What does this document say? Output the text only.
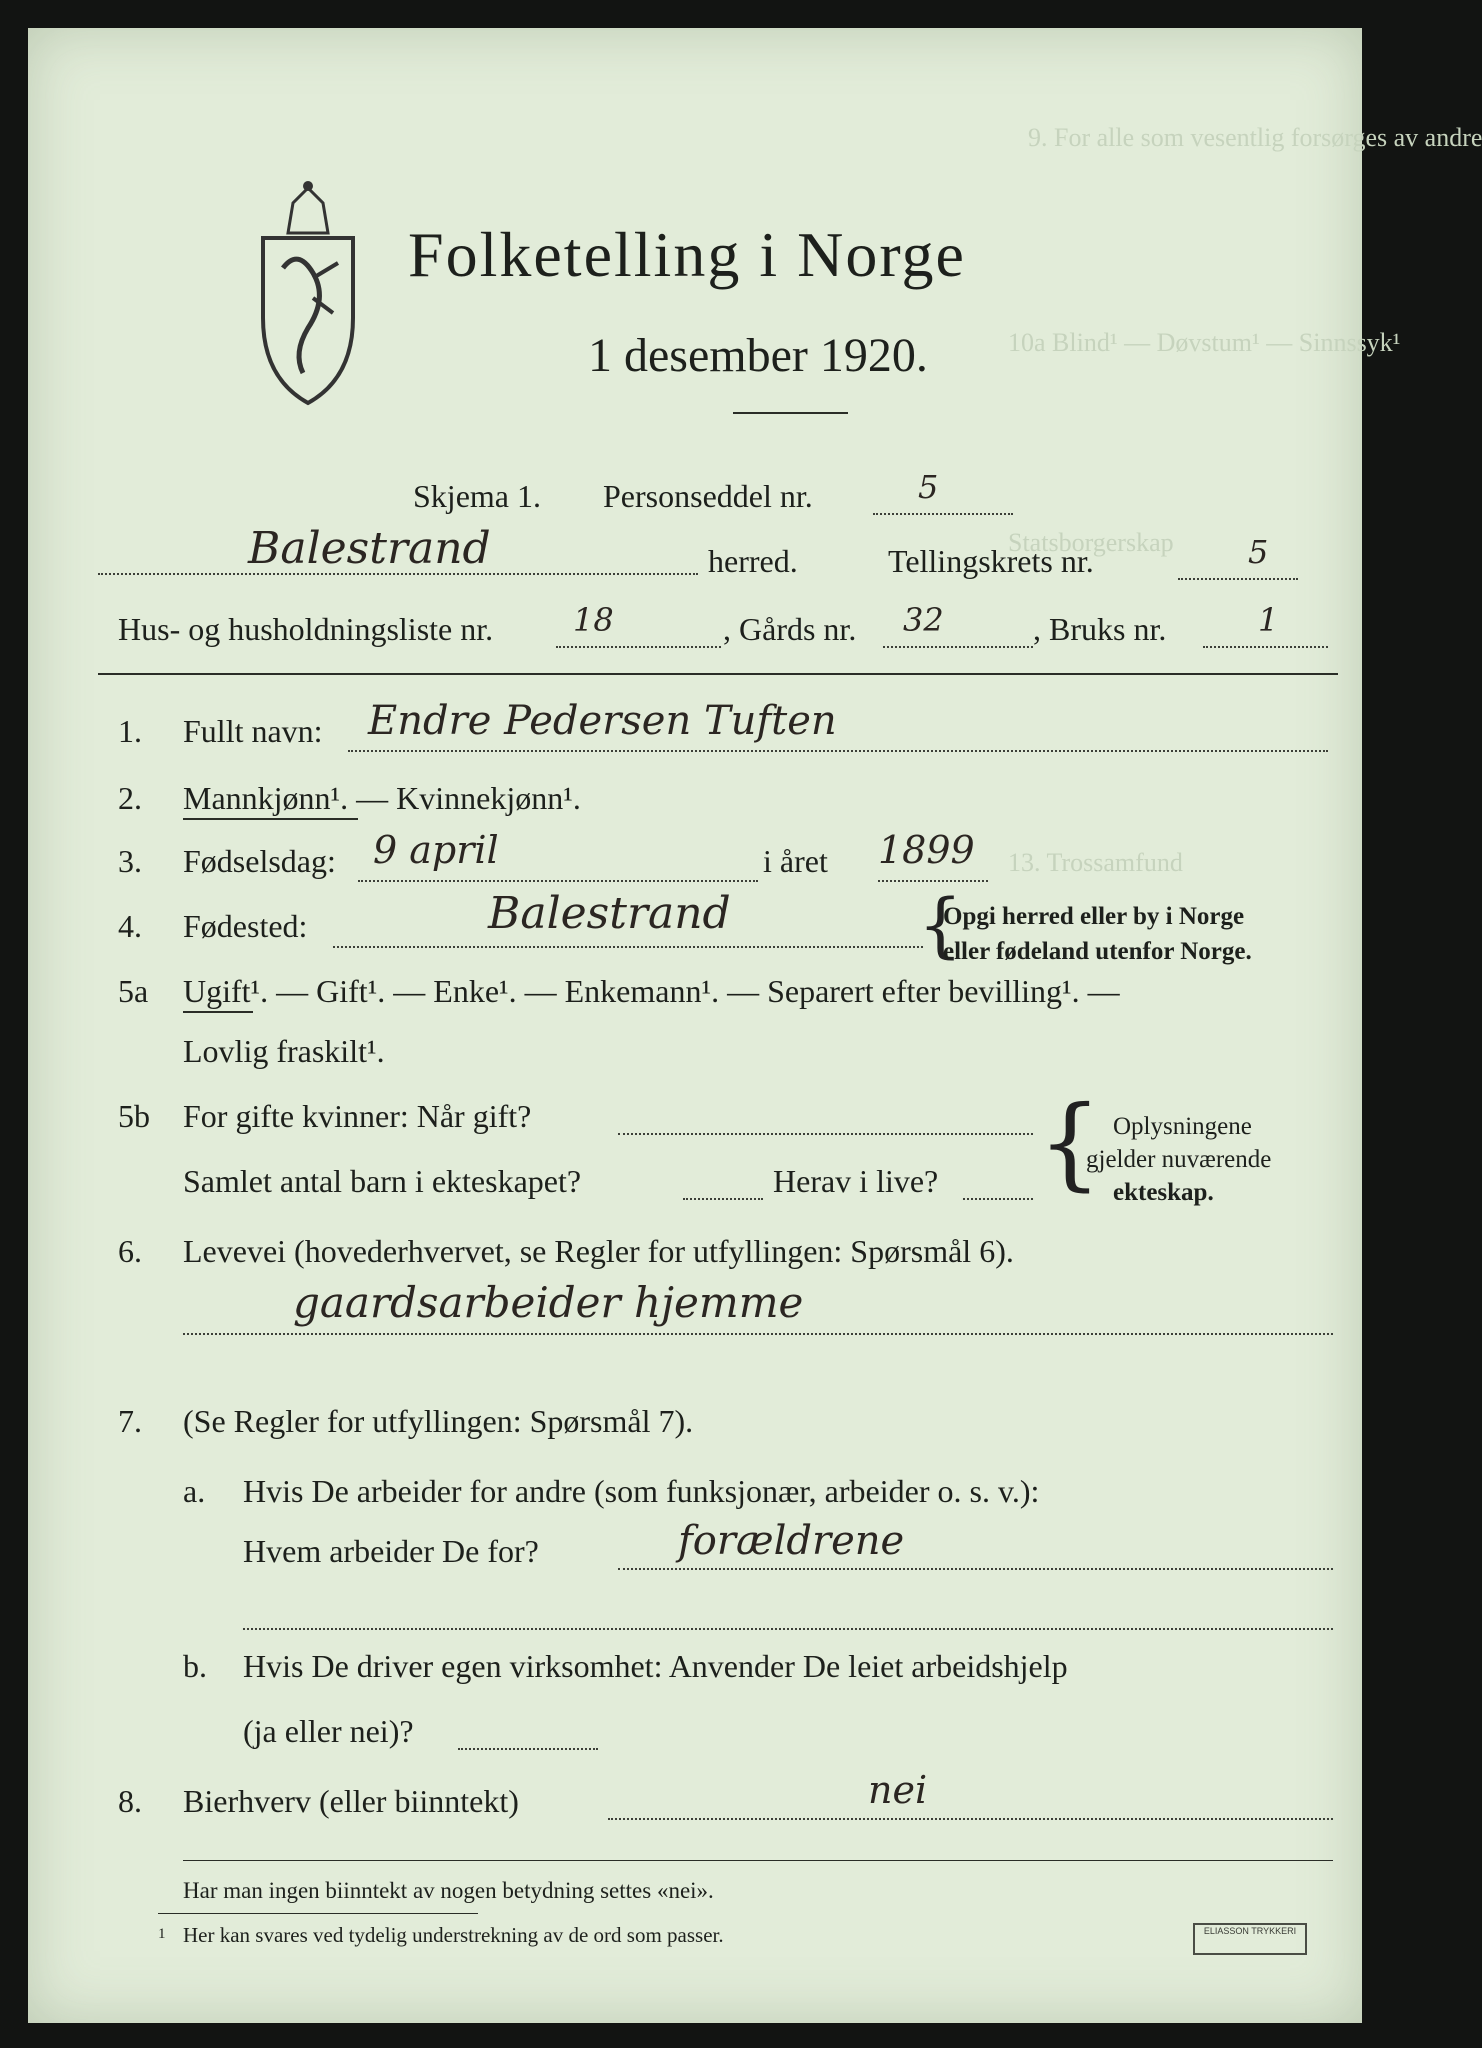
9. For alle som vesentlig forsørges av andre
10a Blind¹ — Døvstum¹ — Sinnssyk¹
Statsborgerskap
13. Trossamfund
Folketelling i Norge
1 desember 1920.
Skjema 1. Personseddel nr.	5
Balestrand	herred.	Tellingskrets nr.	5
Hus- og husholdningsliste nr. 18	, Gårds nr. 32	, Bruks nr.	1
1. Fullt navn: Endre Pedersen Tuften
2. Mannkjønn¹. — Kvinnekjønn¹.
3. Fødselsdag: 9 april	i året 1899
4. Fødested:	Balestrand	{
Opgi herred eller by i Norge
eller fødeland utenfor Norge.
5a Ugift¹. — Gift¹. — Enke¹. — Enkemann¹. — Separert efter bevilling¹. —
Lovlig fraskilt¹.
5b For gifte kvinner: Når gift?
Samlet antal barn i ekteskapet?	Herav i live? { Oplysningene
gjelder nuværende
ekteskap.
6. Levevei (hovederhvervet, se Regler for utfyllingen: Spørsmål 6).
gaardsarbeider hjemme
7. (Se Regler for utfyllingen: Spørsmål 7).
a. Hvis De arbeider for andre (som funksjonær, arbeider o. s. v.):
Hvem arbeider De for?	forældrene
b. Hvis De driver egen virksomhet: Anvender De leiet arbeidshjelp
(ja eller nei)?
8. Bierhverv (eller biinntekt)	nei
Har man ingen biinntekt av nogen betydning settes «nei».
1 Her kan svares ved tydelig understrekning av de ord som passer.	ELIASSON TRYKKERI
